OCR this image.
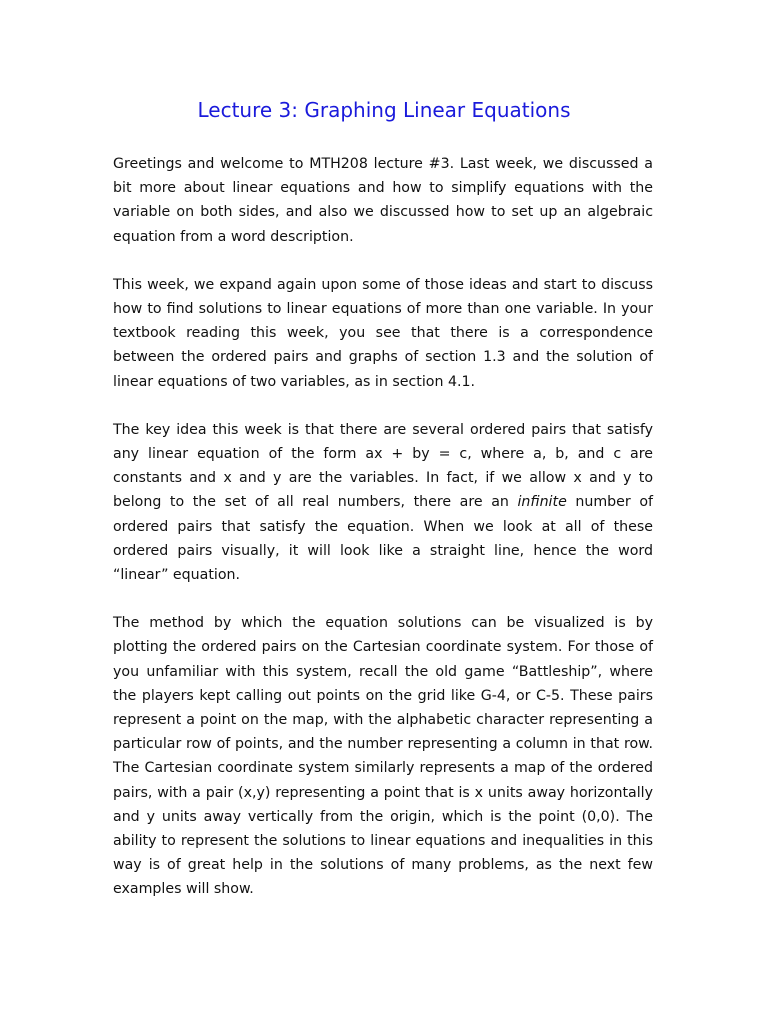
Lecture 3: Graphing Linear Equations

Greetings and welcome to MTH208 lecture #3. Last week, we discussed a bit more about linear equations and how to simplify equations with the variable on both sides, and also we discussed how to set up an algebraic equation from a word description.

This week, we expand again upon some of those ideas and start to discuss how to find solutions to linear equations of more than one variable. In your textbook reading this week, you see that there is a correspondence between the ordered pairs and graphs of section 1.3 and the solution of linear equations of two variables, as in section 4.1.

The key idea this week is that there are several ordered pairs that satisfy any linear equation of the form ax + by = c, where a, b, and c are constants and x and y are the variables. In fact, if we allow x and y to belong to the set of all real numbers, there are an infinite number of ordered pairs that satisfy the equation. When we look at all of these ordered pairs visually, it will look like a straight line, hence the word “linear” equation.

The method by which the equation solutions can be visualized is by plotting the ordered pairs on the Cartesian coordinate system. For those of you unfamiliar with this system, recall the old game “Battleship”, where the players kept calling out points on the grid like G-4, or C-5. These pairs represent a point on the map, with the alphabetic character representing a particular row of points, and the number representing a column in that row. The Cartesian coordinate system similarly represents a map of the ordered pairs, with a pair (x,y) representing a point that is x units away horizontally and y units away vertically from the origin, which is the point (0,0). The ability to represent the solutions to linear equations and inequalities in this way is of great help in the solutions of many problems, as the next few examples will show.
